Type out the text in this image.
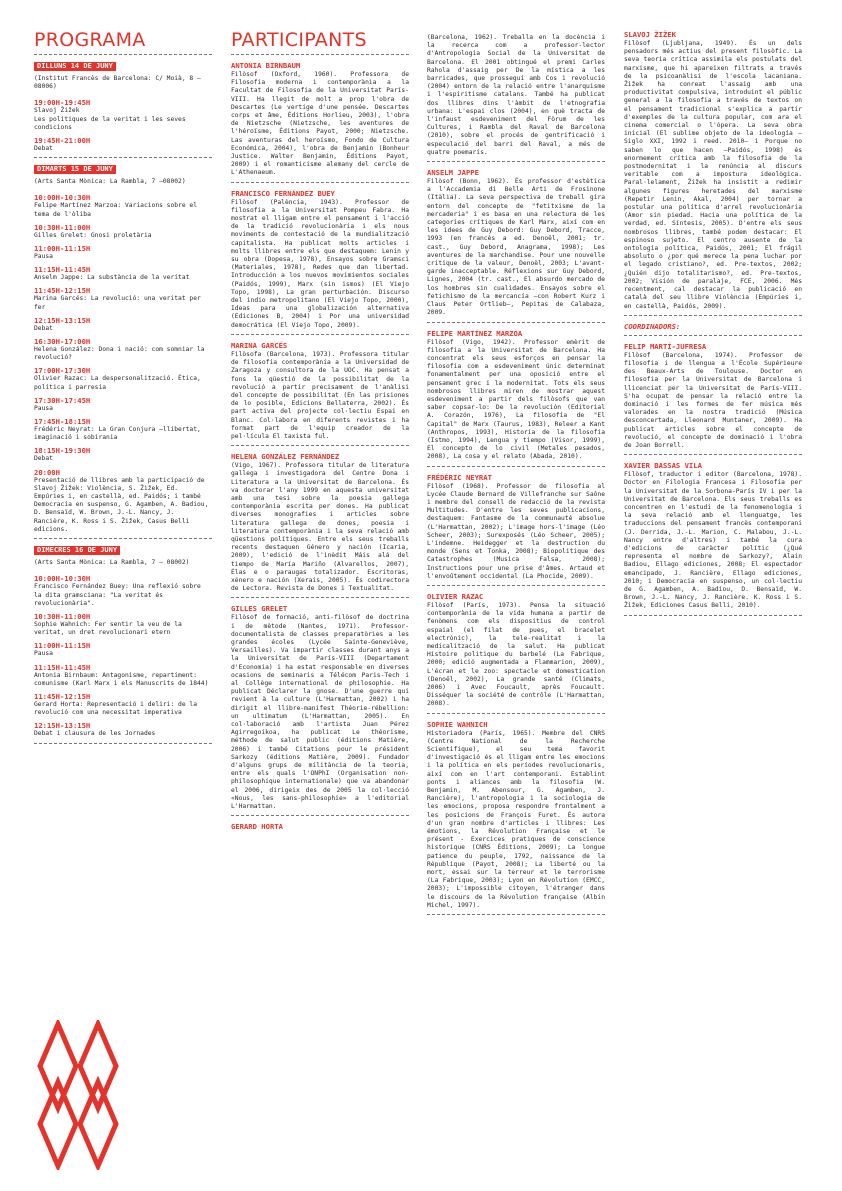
PROGRAMA
DILLUNS 14 DE JUNY
(Institut Francès de Barcelona: C/ Moià, 8 –08006)
19:00H-19:45H
Slavoj Žižek
Les polítiques de la veritat i les seves condicions
19:45H-21:00H
Debat
DIMARTS 15 DE JUNY
(Arts Santa Mònica: La Rambla, 7 –08002)
10:00H-10:30H
Felipe Martínez Marzoa: Variacions sobre el tema de l'òliba
10:30H-11:00H
Gilles Grelet: Gnosi proletària
11:00H-11:15H
Pausa
11:15H-11:45H
Anselm Jappe: La substància de la veritat
11:45H-12:15H
Marina Garcés: La revolució: una veritat per fer
12:15H-13:15H
Debat
16:30H-17:00H
Helena González: Dona i nació: com somniar la revolució?
17:00H-17:30H
Olivier Razac: La despersonalització. Ètica, política i parresia
17:30H-17:45H
Pausa
17:45H-18:15H
Frédéric Neyrat: La Gran Conjura –llibertat, imaginació i sobirania
18:15H-19:30H
Debat
20:00H
Presentació de llibres amb la participació de Slavoj Žižek: Violència, S. Žižek, Ed. Empúries i, en castellà, ed. Paidós; i també Democracia en suspenso, G. Agamben, A. Badiou, D. Bensaïd, W. Brown, J.-L. Nancy, J. Rancière, K. Ross i S. Žižek, Casus Belli edicions.
DIMECRES 16 DE JUNY
(Arts Santa Mònica: La Rambla, 7 – 08002)
10:00H-10:30H
Francisco Fernández Buey: Una reflexió sobre la dita gramsciana: "La veritat és revolucionària".
10:30H-11:00H
Sophie Wahnich: Fer sentir la veu de la veritat, un dret revolucionari etern
11:00H-11:15H
Pausa
11:15H-11:45H
Antonia Birnbaum: Antagonisme, repartiment: comunisme (Karl Marx i els Manuscrits de 1844)
11:45H-12:15H
Gerard Horta: Representació i deliri: de la revolució com una necessitat imperativa
12:15H-13:15H
Debat i clausura de les Jornades
PARTICIPANTS
ANTONIA BIRNBAUM
Filòsof (Oxford, 1960). Professora de Filosofia moderna i contemporània a la Facultat de Filosofia de la Universitat París-VIII. Ha llegit de molt a prop l'obra de Descartes (Le vertige d'une pensée. Descartes corps et âme, Éditions Horlieu, 2003), l'obra de Nietzsche (Nietzsche, les aventures de l'héroïsme, Éditions Payot, 2000; Nietzsche. Las aventuras del heroísmo, Fondo de Cultura Económica, 2004), l'obra de Benjamin (Bonheur Justice. Walter Benjamin, Éditions Payot, 2009) i el romanticisme alemany del cercle de L'Athenaeum.
FRANCISCO FERNÁNDEZ BUEY
Filòsof (Palència, 1943). Professor de filosofia a la Universitat Pompeu Fabra. Ha mostrat el lligam entre el pensament i l'acció de la tradició revolucionària i els nous moviments de contestació de la mundialització capitalista. Ha publicat molts articles i molts llibres entre els que destaquem: Lenin y su obra (Dopesa, 1978), Ensayos sobre Gramsci (Materiales, 1978), Redes que dan libertad. Introducción a los nuevos movimientos sociales (Paidós, 1999), Marx (sin ismos) (El Viejo Topo, 1998), La gran perturbación. Discurso del indio metropolitano (El Viejo Topo, 2000), Ideas para una globalización alternativa (Ediciones B, 2004) i Por una universidad democrática (El Viejo Topo, 2009).
MARINA GARCÉS
Filòsofa (Barcelona, 1973). Professora titular de filosofia contemporània a la Universidad de Zaragoza y consultora de la UOC. Ha pensat a fons la qüestió de la possibilitat de la revolució a partir precisament de l'anàlisi del concepte de possibilitat (En las prisiones de lo posible, Edicions Bellaterra, 2002). És part activa del projecte col·lectiu Espai en Blanc. Col·labora en diferents revistes i ha format part de l'equip creador de la pel·lícula El taxista ful.
HELENA GONZÁLEZ FERNÁNDEZ
(Vigo, 1967). Professora titular de literatura gallega i investigadora del Centre Dona i Literatura a la Universitat de Barcelona. És va doctorar l'any 1999 en aquesta universitat amb una tesi sobre la poesia gallega contemporània escrita per dones. Ha publicat diverses monografies i articles sobre literatura gallega de dones, poesia i literatura contemporània i la seva relació amb qüestions polítiques. Entre els seus treballs recents destaquen Género y nación (Icaria, 2009), l'edició de l'inèdit Máis alá del tiempo de María Mariño (Alvarellos, 2007), Élas e o paraugas totalizador. Escritoras, xénero e nación (Xerais, 2005). És codirectora de Lectora. Revista de Dones i Textualitat.
GILLES GRELET
Filòsof de formació, anti-filòsof de doctrina i de mètode (Nantes, 1971). Professor-documentalista de classes preparatòries a les grandes écoles (Lycée Sainte-Geneviève, Versailles). Va impartir classes durant anys a la Universitat de París-VIII (Departament d'Economia) i ha estat responsable en diverses ocasions de seminaris a Télécom Paris-Tech i al Collège international de philosophie. Ha publicat Déclarer la gnose. D'une guerre qui revient à la culture (L'Harmattan, 2002) i ha dirigit el llibre-manifest Théorie-rébellion: un ultimatum (L'Harmattan, 2005). En col·laboració amb l'artista Juan Pérez Agirregoikoa, ha publicat Le théorisme, méthode de salut public (éditions Matière, 2006) i també Citations pour le président Sarkozy (éditions Matière, 2009). Fundador d'alguns grups de militància de la teoria, entre els quals l'ONPhI (Organisation non-philosophique internationale) que va abandonar el 2006, dirigeix des de 2005 la col·lecció «Nous, les sans-philosophie» a l'editorial L'Harmattan.
GERARD HORTA
(Barcelona, 1962). Treballa en la docència i la recerca com a professor-lector d'Antropologia Social de la Universitat de Barcelona. El 2001 obtingué el premi Carles Rahola d'assaig per De la mística a les barricades, que prosseguí amb Cos i revolució (2004) entorn de la relació entre l'anarquisme i l'espiritisme catalans. També ha publicat dos llibres dins l'àmbit de l'etnografia urbana: L'espai clos (2004), en què tracta de l'infaust esdeveniment del Fòrum de les Cultures, i Rambla del Raval de Barcelona (2010), sobre el procés de gentrificació i especulació del barri del Raval, a més de quatre poemaris.
ANSELM JAPPE
Filòsof (Bonn, 1962). És professor d'estètica a l'Accademia di Belle Arti de Frosinone (Itàlia). La seva perspectiva de treball gira entorn del concepte de "fetitxisme de la mercaderia" i es basa en una relectura de les categories crítiques de Karl Marx, així com en les idees de Guy Debord: Guy Debord, Tracce, 1993 (en francès a ed. Denoël, 2001; tr. cast., Guy Debord, Anagrama, 1998); Les aventures de la marchandise. Pour une nouvelle critique de la valeur, Denoël, 2003; L'avant-garde inacceptable. Réflexions sur Guy Debord, Lignes, 2004 (tr. cast., El absurdo mercado de los hombres sin cualidades. Ensayos sobre el fetichismo de la mercancía –con Robert Kurz i Claus Peter Ortlieb–, Pepitas de Calabaza, 2009.
FELIPE MARTÍNEZ MARZOA
Filòsof (Vigo, 1942). Professor emèrit de filosofia a la Universitat de Barcelona. Ha concentrat els seus esforços en pensar la filosofia com a esdeveniment únic determinat fonamentalment per una oposició entre el pensament grec i la modernitat. Tots els seus nombrosos llibres miren de mostrar aquest esdeveniment a partir dels filòsofs que van saber copsar-lo: De la revolución (Editorial A. Corazón, 1976), La filosofía de "El Capital" de Marx (Taurus, 1983), Releer a Kant (Anthropos, 1993), Historia de la filosofía (Istmo, 1994), Lengua y tiempo (Visor, 1999), El concepto de lo civil (Metales pesados, 2008), La cosa y el relato (Abada, 2010).
FRÉDÉRIC NEYRAT
Filòsof (1968). Professor de filosofia al Lycée Claude Bernard de Villefranche sur Saône i membre del consell de redacció de la revista Multitudes. D'entre les seves publicacions, destaquem: Fantasme de la communauté absolue (L'Harmattan, 2002); L'image hors-l'image (Léo Scheer, 2003); Surexposés (Léo Scheer, 2005); L'indemne. Heidegger et la destruction du monde (Sens et Tonka, 2008); Biopolitique des Catastrophes (Musica Falsa, 2008); Instructions pour une prise d'âmes. Artaud et l'envoûtement occidental (La Phocide, 2009).
OLIVIER RAZAC
Filòsof (París, 1973). Pensa la situació contemporània de la vida humana a partir de fenòmens com els dispositius de control espaial (el filat de pues, el bracelet electrònic), la tele-realitat i la medicalització de la salut. Ha publicat Histoire politique du barbelé (La Fabrique, 2000; edició augmentada a Flammarion, 2009), L'écran et le zoo: spectacle et domestication (Denoël, 2002), La grande santé (Climats, 2006) i Avec Foucault, après Foucault. Disséquer la société de contrôle (L'Harmattan, 2008).
SOPHIE WAHNICH
Historiadora (París, 1965). Membre del CNRS (Centre National de la Recherche Scientifique), el seu tema favorit d'investigació és el lligam entre les emocions i la política en els períodes revolucionaris, així com en l'art contemporani. Establint ponts i aliances amb la filosofia (W. Benjamin, M. Abensour, G. Agamben, J. Rancière), l'antropologia i la sociologia de les emocions, proposa respondre frontalment a les posicions de François Furet. És autora d'un gran nombre d'articles i llibres: Les émotions, la Révolution Française et le présent - Exercices pratiques de conscience historique (CNRS Éditions, 2009); La longue patience du peuple, 1792, naissance de la République (Payot, 2008); La liberté ou la mort, essai sur la terreur et le terrorisme (La Fabrique, 2003); Lyon en Révolution (EMCC, 2003); L'impossible citoyen, l'étranger dans le discours de la Révolution française (Albin Michel, 1997).
SLAVOJ ŽIŽEK
Filòsof (Ljubljana, 1949). És un dels pensadors més actius del present filosòfic. La seva teoria crítica assimila els postulats del marxisme, que hi apareixen filtrats a través de la psicoanàlisi de l'escola lacaniana. Žižek ha conreat l'assaig amb una productivitat compulsiva, introduint el públic general a la filosofia a través de textos on el pensament tradicional s'explica a partir d'exemples de la cultura popular, com ara el cinema comercial o l'òpera. La seva obra inicial (El sublime objeto de la ideología –Siglo XXI, 1992 i reed. 2010– i Porque no saben lo que hacen –Paidós, 1998) és enormement crítica amb la filosofia de la postmodernitat i la renúncia al discurs veritable com a impostura ideològica. Paral·lelament, Žižek ha insistit a redimir algunes figures heretades del marxisme (Repetir Lenin, Akal, 2004) per tornar a postular una política d'arrel revolucionària (Amor sin piedad. Hacia una política de la verdad, ed. Síntesis, 2005). D'entre els seus nombrosos llibres, també podem destacar: El espinoso sujeto. El centro ausente de la ontología política, Paidós, 2001; El frágil absoluto o ¿por qué merece la pena luchar por el legado cristiano?, ed. Pre-textos, 2002; ¿Quién dijo totalitarismo?, ed. Pre-textos, 2002; Visión de paralaje, FCE, 2006. Més recentment, cal destacar la publicació en català del seu llibre Violència (Empúries i, en castellà, Paidós, 2009).
COORDINADORS:
FELIP MARTÍ-JUFRESA
Filòsof (Barcelona, 1974). Professor de filosofia i de llengua a l'École Supérieure des Beaux-Arts de Toulouse. Doctor en filosofia per la Universitat de Barcelona i llicenciat per la Universitat de París-VIII. S'ha ocupat de pensar la relació entre la dominació i les formes de fer música més valorades en la nostra tradició (Música desconcertada, Lleonard Muntaner, 2009). Ha publicat articles sobre el concepte de revolució, el concepte de dominació i l'obra de Joan Borrell.
XAVIER BASSAS VILA
Filòsof, traductor i editor (Barcelona, 1978). Doctor en Filologia Francesa i Filosofia per la Universitat de la Sorbona-París IV i per la Universitat de Barcelona. Els seus treballs es concentren en l'estudi de la fenomenologia i la seva relació amb el llenguatge, les traduccions del pensament francès contemporani (J. Derrida, J.-L. Marion, C. Malabou, J.-L. Nancy entre d'altres) i també la cura d'edicions de caràcter polític (¿Qué representa el nombre de Sarkozy?, Alain Badiou, Ellago ediciones, 2008; El espectador emancipado, J. Rancière, Ellago ediciones, 2010; i Democracia en suspenso, un col·lectiu de G. Agamben, A. Badiou, D. Bensaïd, W. Brown, J.-L. Nancy, J. Rancière. K. Ross i S. Žižek, Ediciones Casus Belli, 2010).
